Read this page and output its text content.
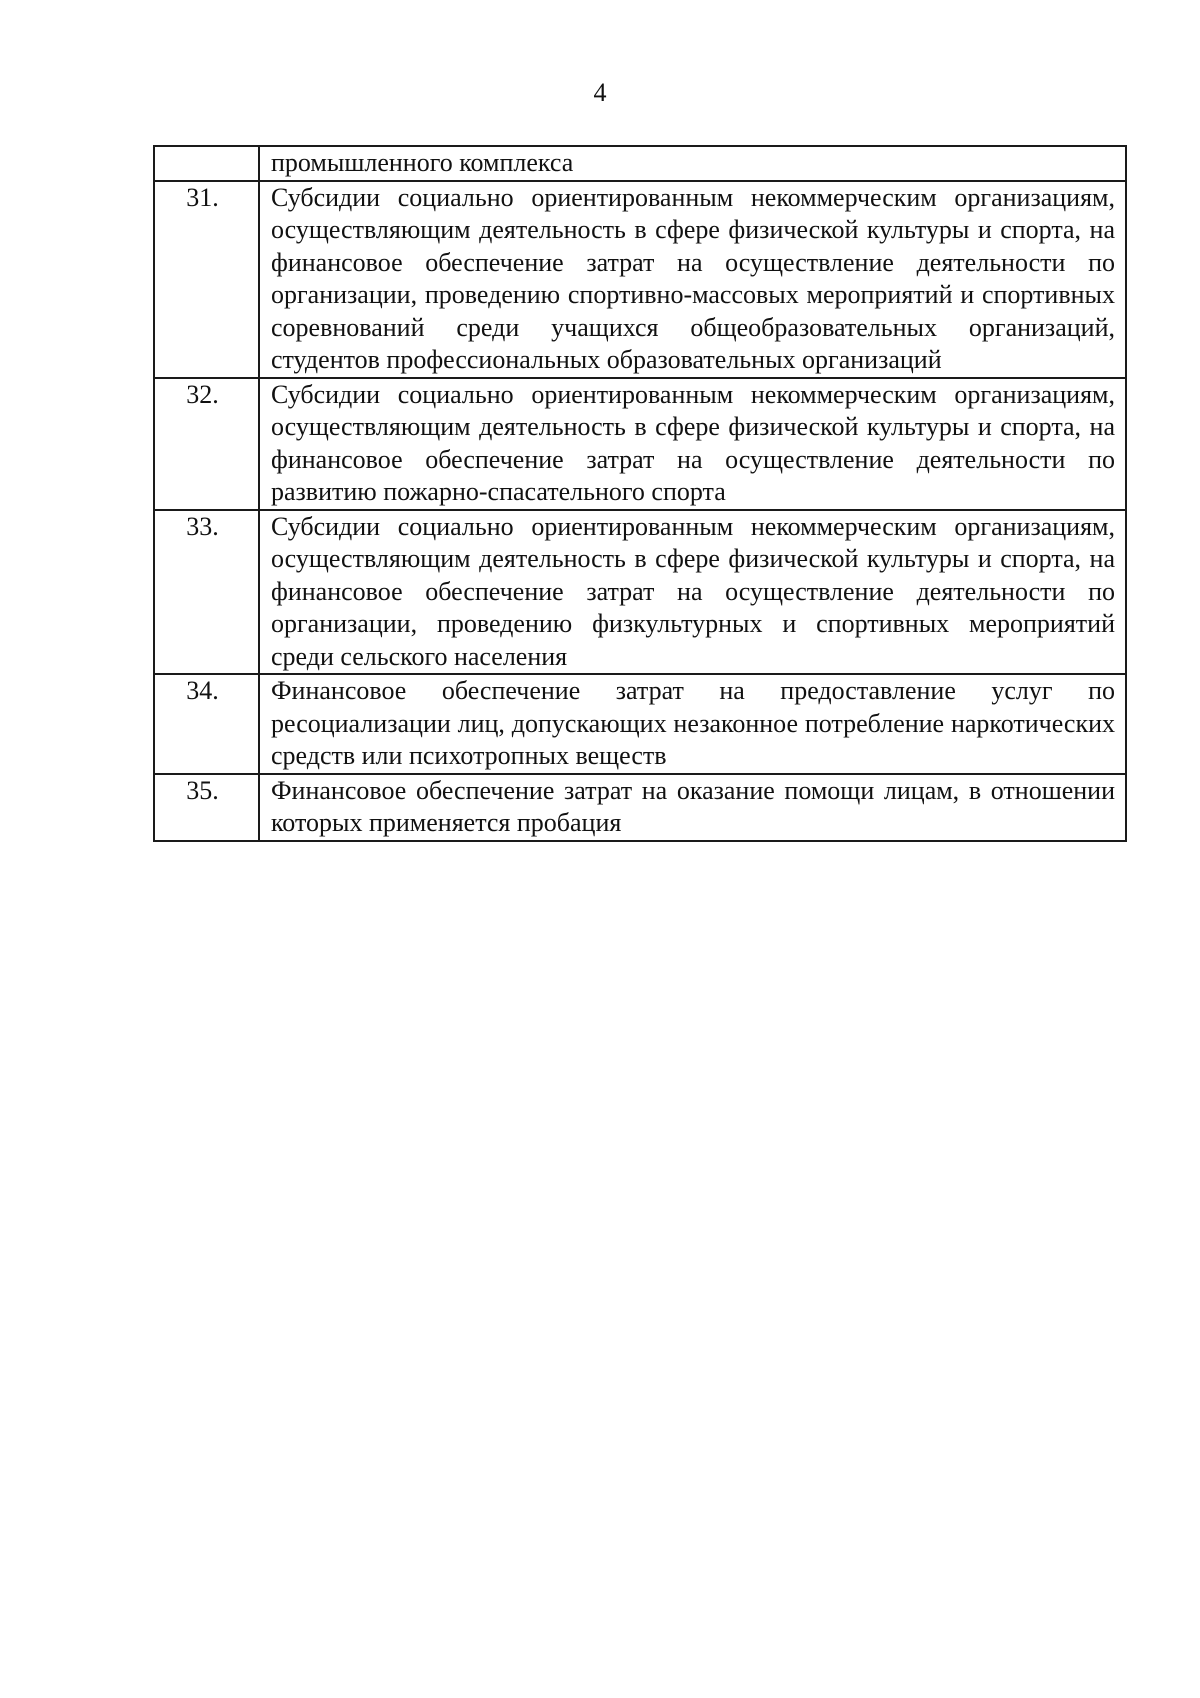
4
	промышленного комплекса
31.	Субсидии социально ориентированным некоммерческим организациям, осуществляющим деятельность в сфере физической культуры и спорта, на финансовое обеспечение затрат на осуществление деятельности по организации, проведению спортивно-массовых мероприятий и спортивных соревнований среди учащихся общеобразовательных организаций, студентов профессиональных образовательных организаций
32.	Субсидии социально ориентированным некоммерческим организациям, осуществляющим деятельность в сфере физической культуры и спорта, на финансовое обеспечение затрат на осуществление деятельности по развитию пожарно-спасательного спорта
33.	Субсидии социально ориентированным некоммерческим организациям, осуществляющим деятельность в сфере физической культуры и спорта, на финансовое обеспечение затрат на осуществление деятельности по организации, проведению физкультурных и спортивных мероприятий среди сельского населения
34.	Финансовое обеспечение затрат на предоставление услуг по ресоциализации лиц, допускающих незаконное потребление наркотических средств или психотропных веществ
35.	Финансовое обеспечение затрат на оказание помощи лицам, в отношении которых применяется пробация
